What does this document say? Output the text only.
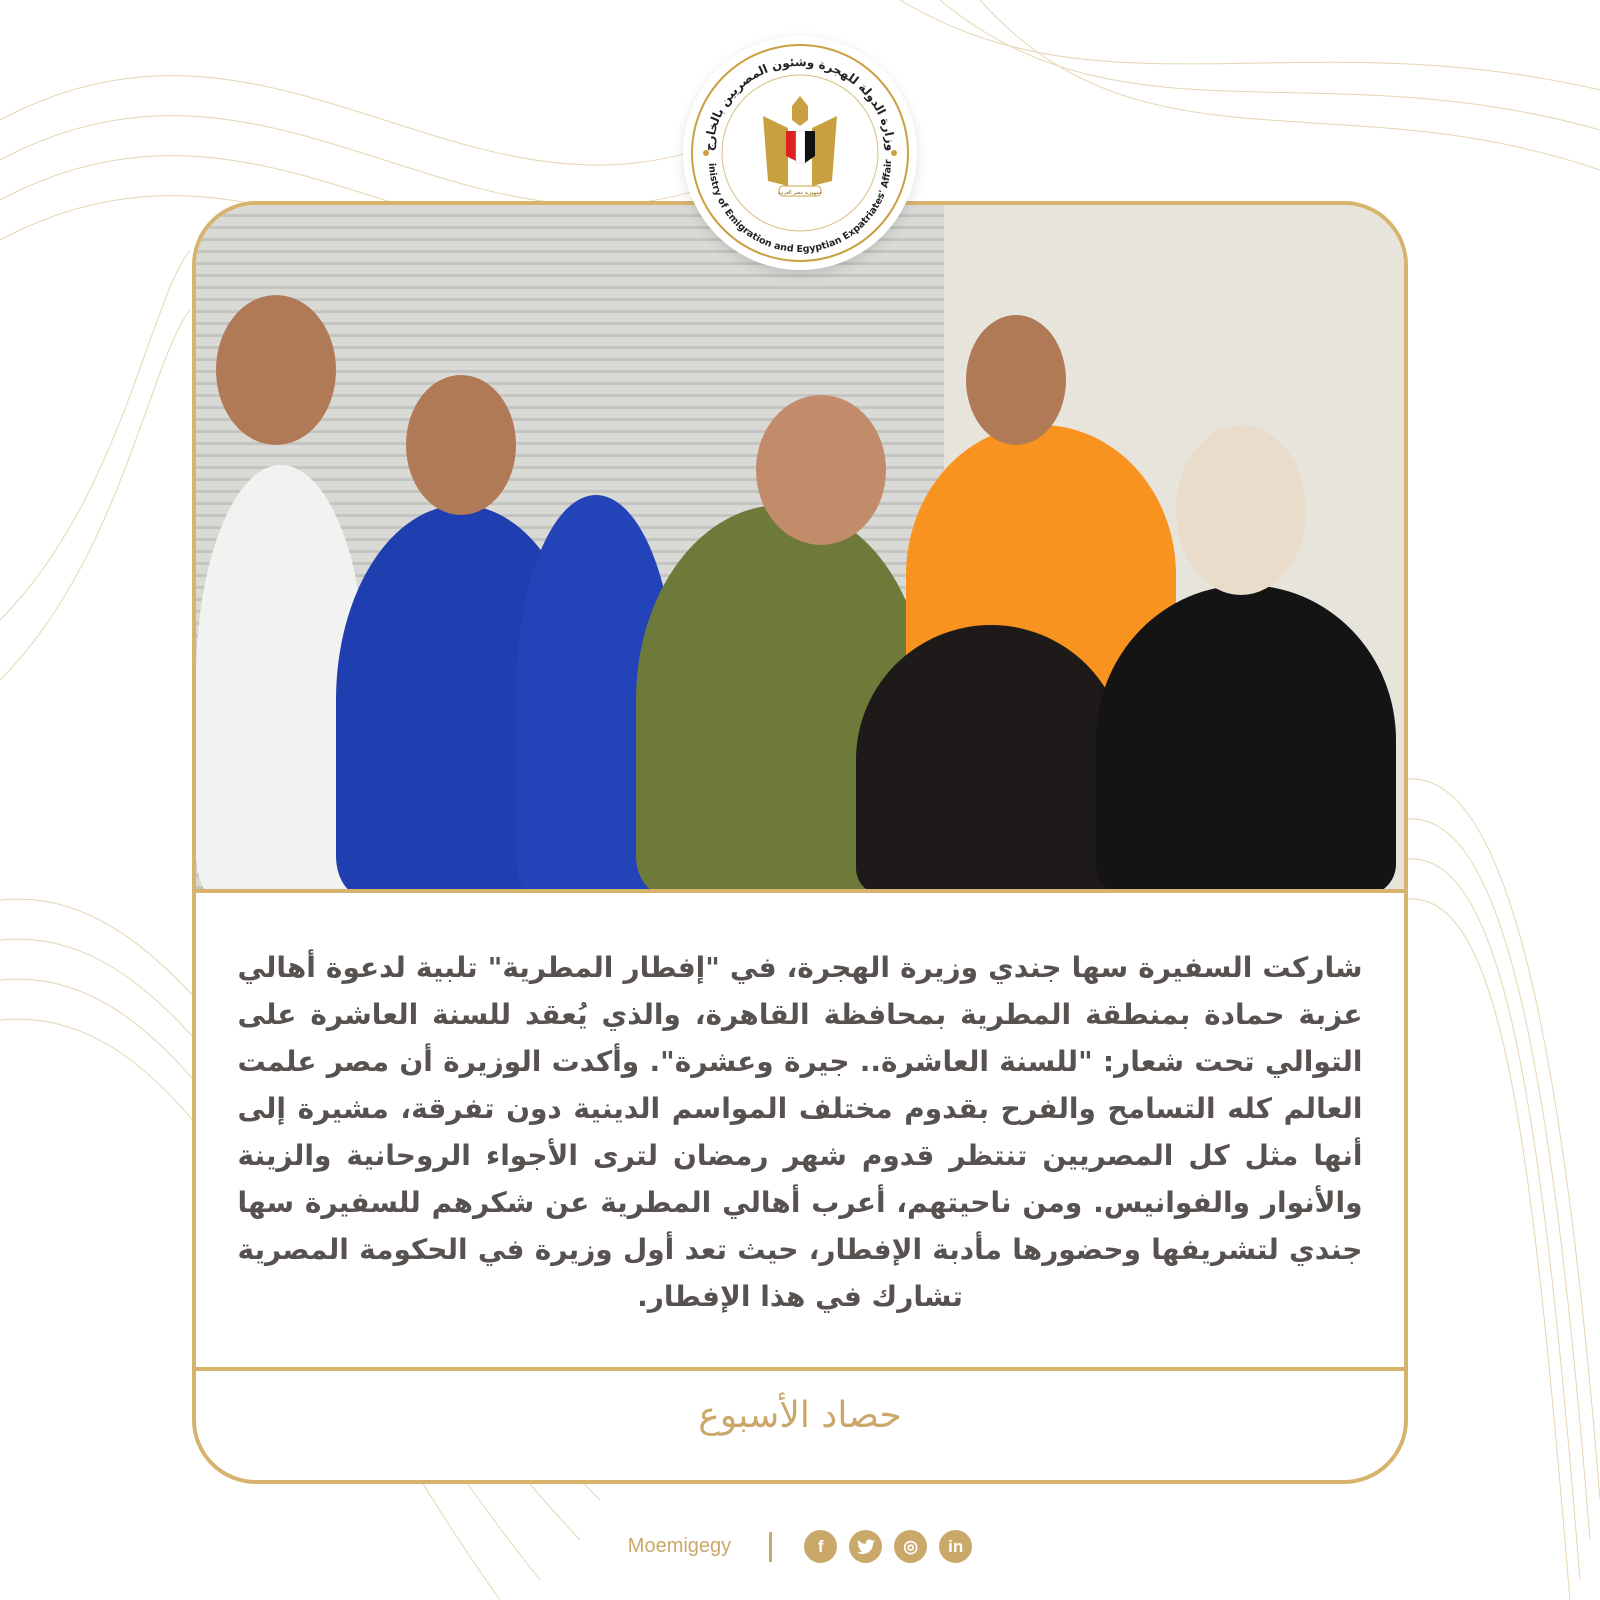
شاركت السفيرة سها جندي وزيرة الهجرة، في "إفطار المطرية" تلبية لدعوة أهالي عزبة حمادة بمنطقة المطرية بمحافظة القاهرة، والذي يُعقد للسنة العاشرة على التوالي تحت شعار: "للسنة العاشرة.. جيرة وعشرة". وأكدت الوزيرة أن مصر علمت العالم كله التسامح والفرح بقدوم مختلف المواسم الدينية دون تفرقة، مشيرة إلى أنها مثل كل المصريين تنتظر قدوم شهر رمضان لترى الأجواء الروحانية والزينة والأنوار والفوانيس. ومن ناحيتهم، أعرب أهالي المطرية عن شكرهم للسفيرة سها جندي لتشريفها وحضورها مأدبة الإفطار، حيث تعد أول وزيرة في الحكومة المصرية تشارك في هذا الإفطار.

حصاد الأسبوع
وزارة الدولة للهجرة وشئون المصريين بالخارج
inistry of Emigration and Egyptian Expatriates' Affairs
جمهورية مصر العربية
Moemigegy	f	◎	in
